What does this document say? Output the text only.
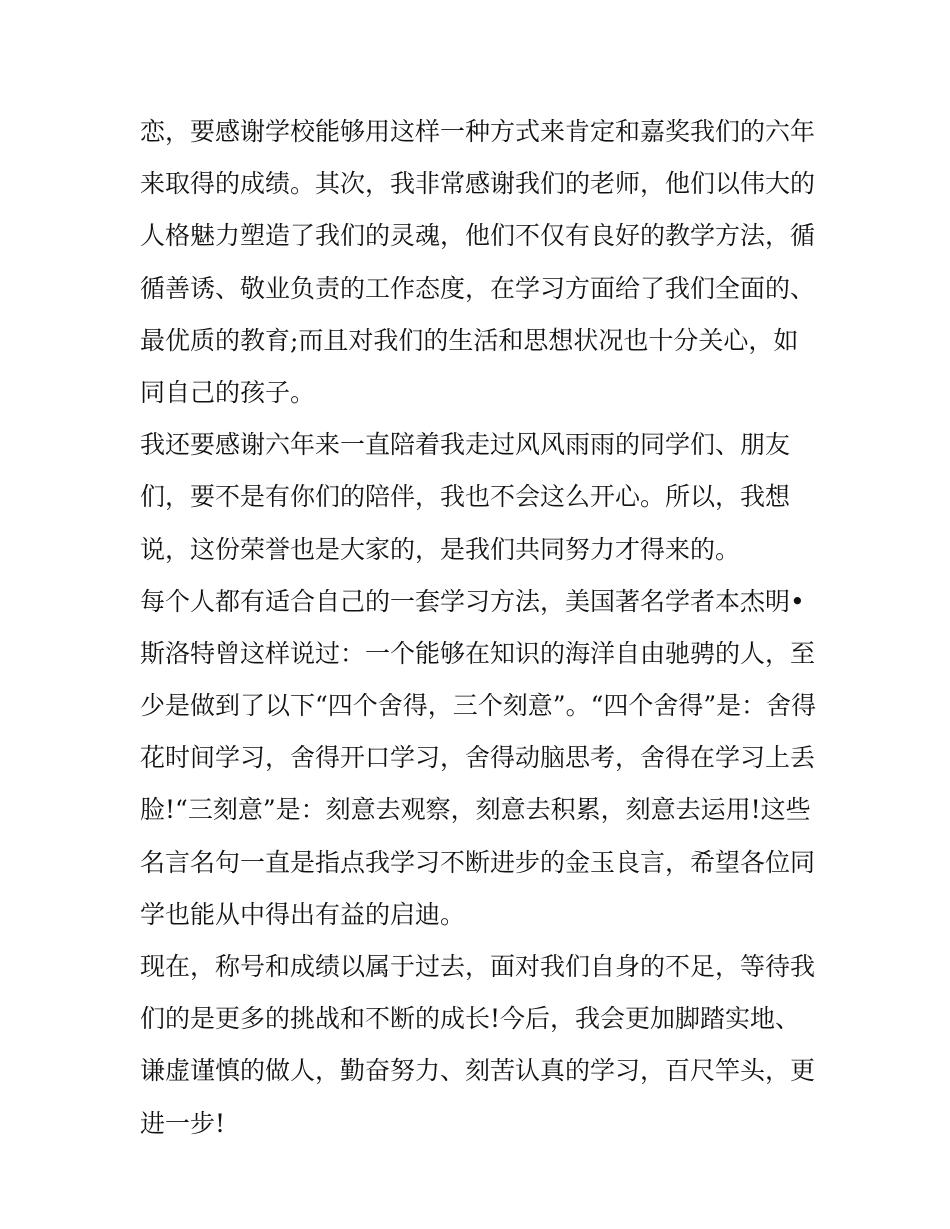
恋，要感谢学校能够用这样一种方式来肯定和嘉奖我们的六年
来取得的成绩。其次，我非常感谢我们的老师，他们以伟大的
人格魅力塑造了我们的灵魂，他们不仅有良好的教学方法，循
循善诱、敬业负责的工作态度，在学习方面给了我们全面的、
最优质的教育;而且对我们的生活和思想状况也十分关心，如
同自己的孩子。
我还要感谢六年来一直陪着我走过风风雨雨的同学们、朋友
们，要不是有你们的陪伴，我也不会这么开心。所以，我想
说，这份荣誉也是大家的，是我们共同努力才得来的。
每个人都有适合自己的一套学习方法，美国著名学者本杰明•
斯洛特曾这样说过：一个能够在知识的海洋自由驰骋的人，至
少是做到了以下“四个舍得，三个刻意”。“四个舍得”是：舍得
花时间学习，舍得开口学习，舍得动脑思考，舍得在学习上丢
脸!“三刻意”是：刻意去观察，刻意去积累，刻意去运用!这些
名言名句一直是指点我学习不断进步的金玉良言，希望各位同
学也能从中得出有益的启迪。
现在，称号和成绩以属于过去，面对我们自身的不足，等待我
们的是更多的挑战和不断的成长!今后，我会更加脚踏实地、
谦虚谨慎的做人，勤奋努力、刻苦认真的学习，百尺竿头，更
进一步!
